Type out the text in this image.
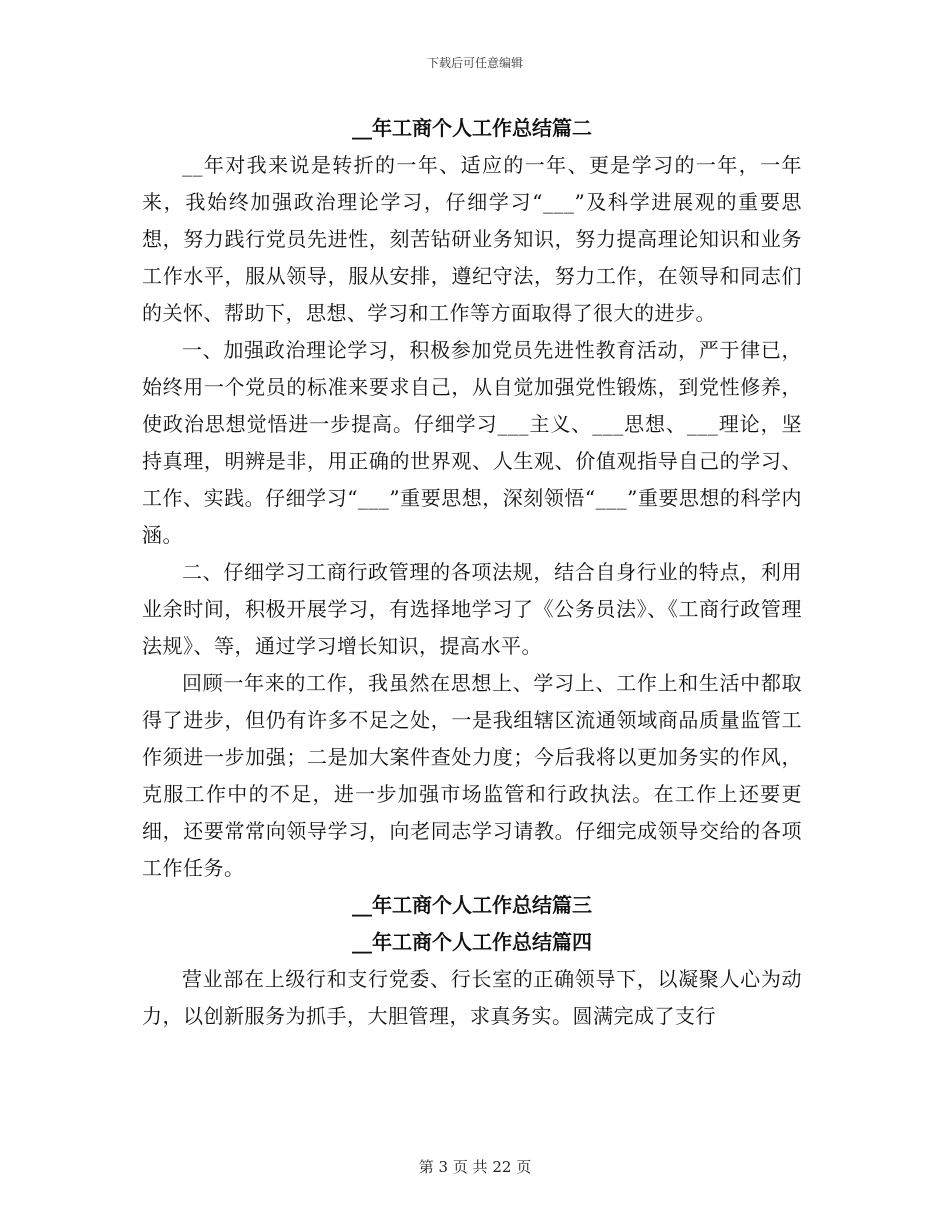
下载后可任意编辑
__年工商个人工作总结篇二

__年对我来说是转折的一年、适应的一年、更是学习的一年，一年来，我始终加强政治理论学习，仔细学习“___”及科学进展观的重要思想，努力践行党员先进性，刻苦钻研业务知识，努力提高理论知识和业务工作水平，服从领导，服从安排，遵纪守法，努力工作，在领导和同志们的关怀、帮助下，思想、学习和工作等方面取得了很大的进步。

一、加强政治理论学习，积极参加党员先进性教育活动，严于律已，始终用一个党员的标准来要求自己，从自觉加强党性锻炼，到党性修养，使政治思想觉悟进一步提高。仔细学习___主义、___思想、___理论，坚持真理，明辨是非，用正确的世界观、人生观、价值观指导自己的学习、工作、实践。仔细学习“___”重要思想，深刻领悟“___”重要思想的科学内涵。

二、仔细学习工商行政管理的各项法规，结合自身行业的特点，利用业余时间，积极开展学习，有选择地学习了《公务员法》、《工商行政管理法规》、等，通过学习增长知识，提高水平。

回顾一年来的工作，我虽然在思想上、学习上、工作上和生活中都取得了进步，但仍有许多不足之处，一是我组辖区流通领域商品质量监管工作须进一步加强；二是加大案件查处力度；今后我将以更加务实的作风，克服工作中的不足，进一步加强市场监管和行政执法。在工作上还要更细，还要常常向领导学习，向老同志学习请教。仔细完成领导交给的各项工作任务。

__年工商个人工作总结篇三
__年工商个人工作总结篇四

营业部在上级行和支行党委、行长室的正确领导下，以凝聚人心为动力，以创新服务为抓手，大胆管理，求真务实。圆满完成了支行

第 3 页 共 22 页
